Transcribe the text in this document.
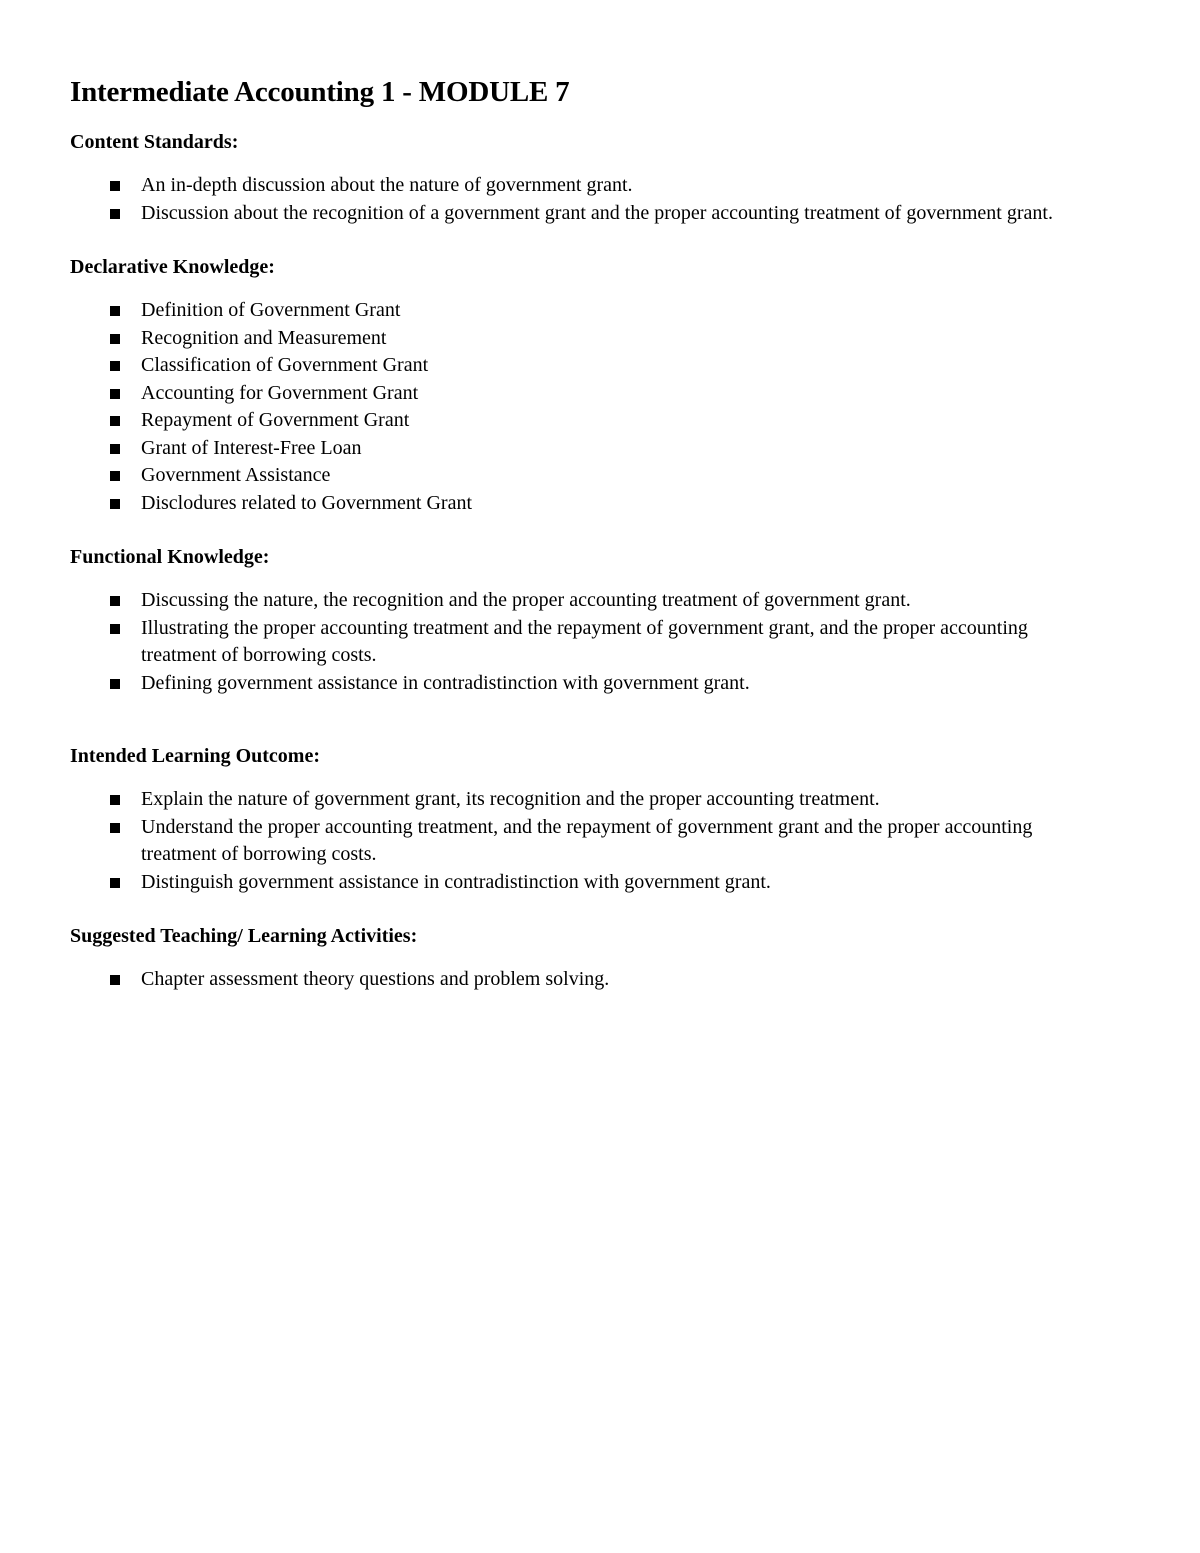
Intermediate Accounting 1 - MODULE 7
Content Standards:
An in-depth discussion about the nature of government grant.
Discussion about the recognition of a government grant and the proper accounting treatment of government grant.
Declarative Knowledge:
Definition of Government Grant
Recognition and Measurement
Classification of Government Grant
Accounting for Government Grant
Repayment of Government Grant
Grant of Interest-Free Loan
Government Assistance
Disclodures related to Government Grant
Functional Knowledge:
Discussing the nature, the recognition and the proper accounting treatment of government grant.
Illustrating the proper accounting treatment and the repayment of government grant, and the proper accounting treatment of borrowing costs.
Defining government assistance in contradistinction with government grant.
Intended Learning Outcome:
Explain the nature of government grant, its recognition and the proper accounting treatment.
Understand the proper accounting treatment, and the repayment of government grant and the proper accounting treatment of borrowing costs.
Distinguish government assistance in contradistinction with government grant.
Suggested Teaching/ Learning Activities:
Chapter assessment theory questions and problem solving.
